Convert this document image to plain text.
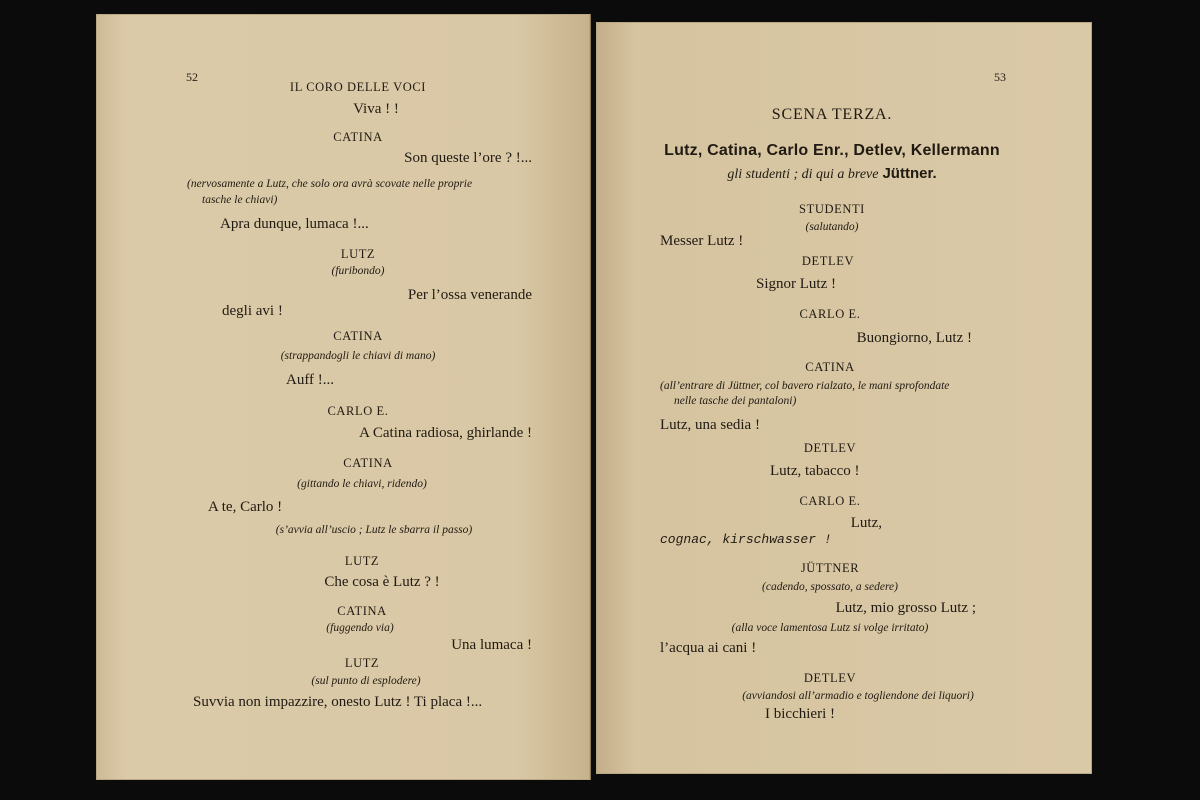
52
IL CORO DELLE VOCI
Viva ! !
CATINA
Son queste l’ore ? !...
(nervosamente a Lutz, che solo ora avrà scovate nelle proprie
tasche le chiavi)
Apra dunque, lumaca !...
LUTZ
(furibondo)
Per l’ossa venerande
degli avi !
CATINA
(strappandogli le chiavi di mano)
Auff !...
CARLO E.
A Catina radiosa, ghirlande !
CATINA
(gittando le chiavi, ridendo)
A te, Carlo !
(s’avvia all’uscio ; Lutz le sbarra il passo)
LUTZ
Che cosa è Lutz ? !
CATINA
(fuggendo via)
Una lumaca !
LUTZ
(sul punto di esplodere)
Suvvia non impazzire, onesto Lutz ! Ti placa !...
53
SCENA TERZA.
Lutz, Catina, Carlo Enr., Detlev, Kellermann
gli studenti ; di qui a breve Jüttner.
STUDENTI
(salutando)
Messer Lutz !
DETLEV
Signor Lutz !
CARLO E.
Buongiorno, Lutz !
CATINA
(all’entrare di Jüttner, col bavero rialzato, le mani sprofondate
nelle tasche dei pantaloni)
Lutz, una sedia !
DETLEV
Lutz, tabacco !
CARLO E.
Lutz,
cognac, kirschwasser !
JÜTTNER
(cadendo, spossato, a sedere)
Lutz, mio grosso Lutz ;
(alla voce lamentosa Lutz si volge irritato)
l’acqua ai cani !
DETLEV
(avviandosi all’armadio e togliendone dei liquori)
I bicchieri !
